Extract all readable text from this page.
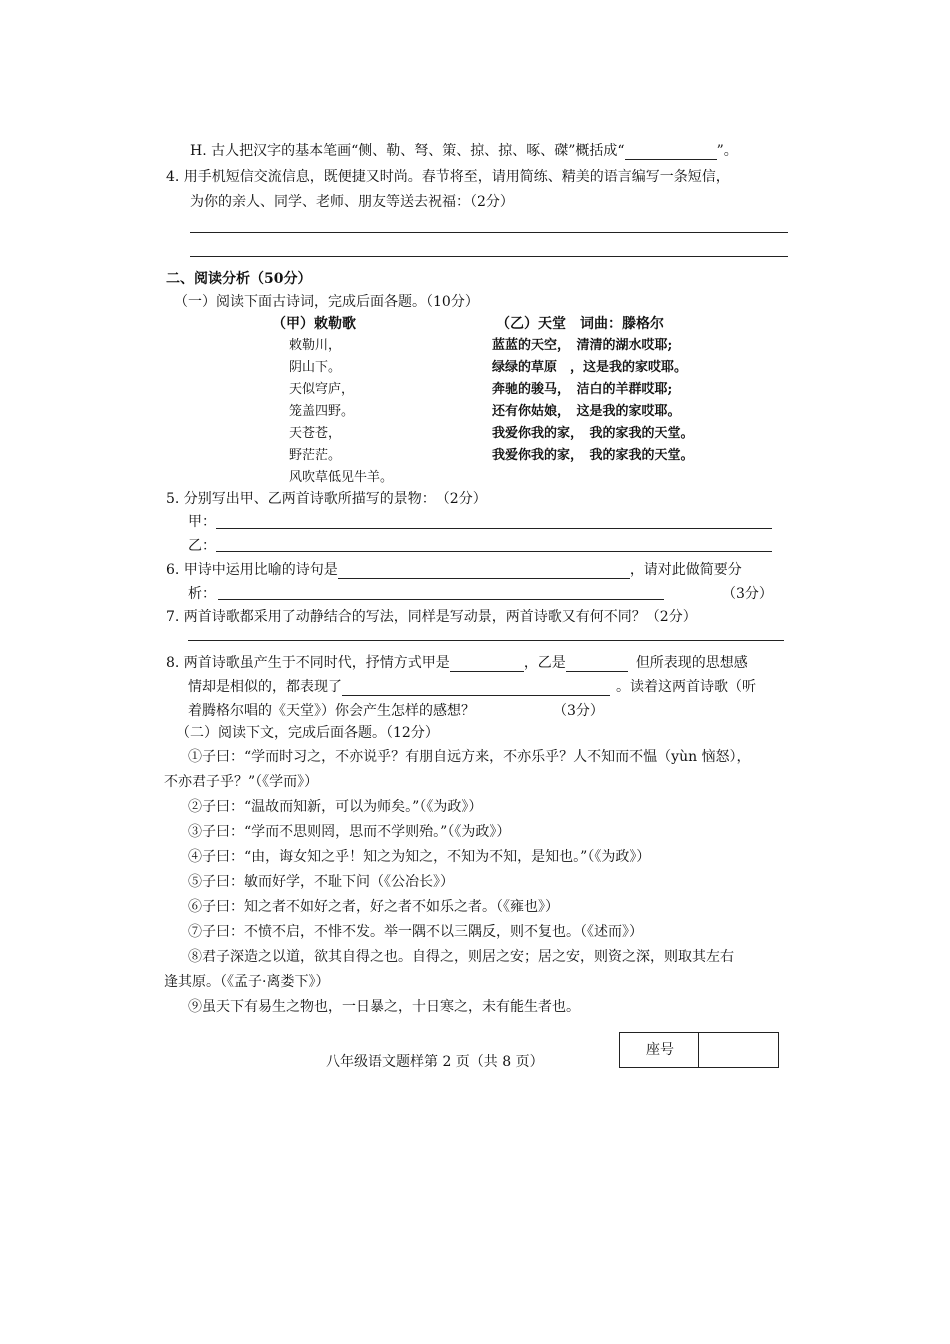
H. 古人把汉字的基本笔画“侧、勒、弩、策、掠、掠、啄、磔”概括成“	”。
4. 用手机短信交流信息，既便捷又时尚。春节将至，请用简练、精美的语言编写一条短信，
为你的亲人、同学、老师、朋友等送去祝福：（2分）
二、阅读分析（50分）
（一）阅读下面古诗词，完成后面各题。（10分）
（甲）敕勒歌
敕勒川，
阴山下。
天似穹庐，
笼盖四野。
天苍苍，
野茫茫。
风吹草低见牛羊。
（乙）天堂　词曲：滕格尔
蓝蓝的天空，　清清的湖水哎耶;
绿绿的草原　，这是我的家哎耶。
奔驰的骏马，　洁白的羊群哎耶;
还有你姑娘，　这是我的家哎耶。
我爱你我的家，　我的家我的天堂。
我爱你我的家，　我的家我的天堂。
5. 分别写出甲、乙两首诗歌所描写的景物：　（2分）
甲：
乙：
6. 甲诗中运用比喻的诗句是	，请对此做简要分
析：	（3分）
7. 两首诗歌都采用了动静结合的写法，同样是写动景，两首诗歌又有何不同？（2分）
8. 两首诗歌虽产生于不同时代，抒情方式甲是	，乙是	但所表现的思想感
情却是相似的，都表现了	。读着这两首诗歌（听
着腾格尔唱的《天堂》）你会产生怎样的感想？	（3分）
（二）阅读下文，完成后面各题。（12分）
①子曰：“学而时习之，不亦说乎？有朋自远方来，不亦乐乎？人不知而不愠（yùn 恼怒），
不亦君子乎？”（《学而》）
②子曰：“温故而知新，可以为师矣。”（《为政》）
③子曰：“学而不思则罔，思而不学则殆。”（《为政》）
④子曰：“由，诲女知之乎！知之为知之，不知为不知，是知也。”（《为政》）
⑤子曰：敏而好学，不耻下问（《公冶长》）
⑥子曰：知之者不如好之者，好之者不如乐之者。（《雍也》）
⑦子曰：不愤不启，不悱不发。举一隅不以三隅反，则不复也。（《述而》）
⑧君子深造之以道，欲其自得之也。自得之，则居之安；居之安，则资之深，则取其左右
逢其原。（《孟子·离娄下》）
⑨虽天下有易生之物也，一日暴之，十日寒之，未有能生者也。
八年级语文题样第 2 页（共 8 页）
座号
